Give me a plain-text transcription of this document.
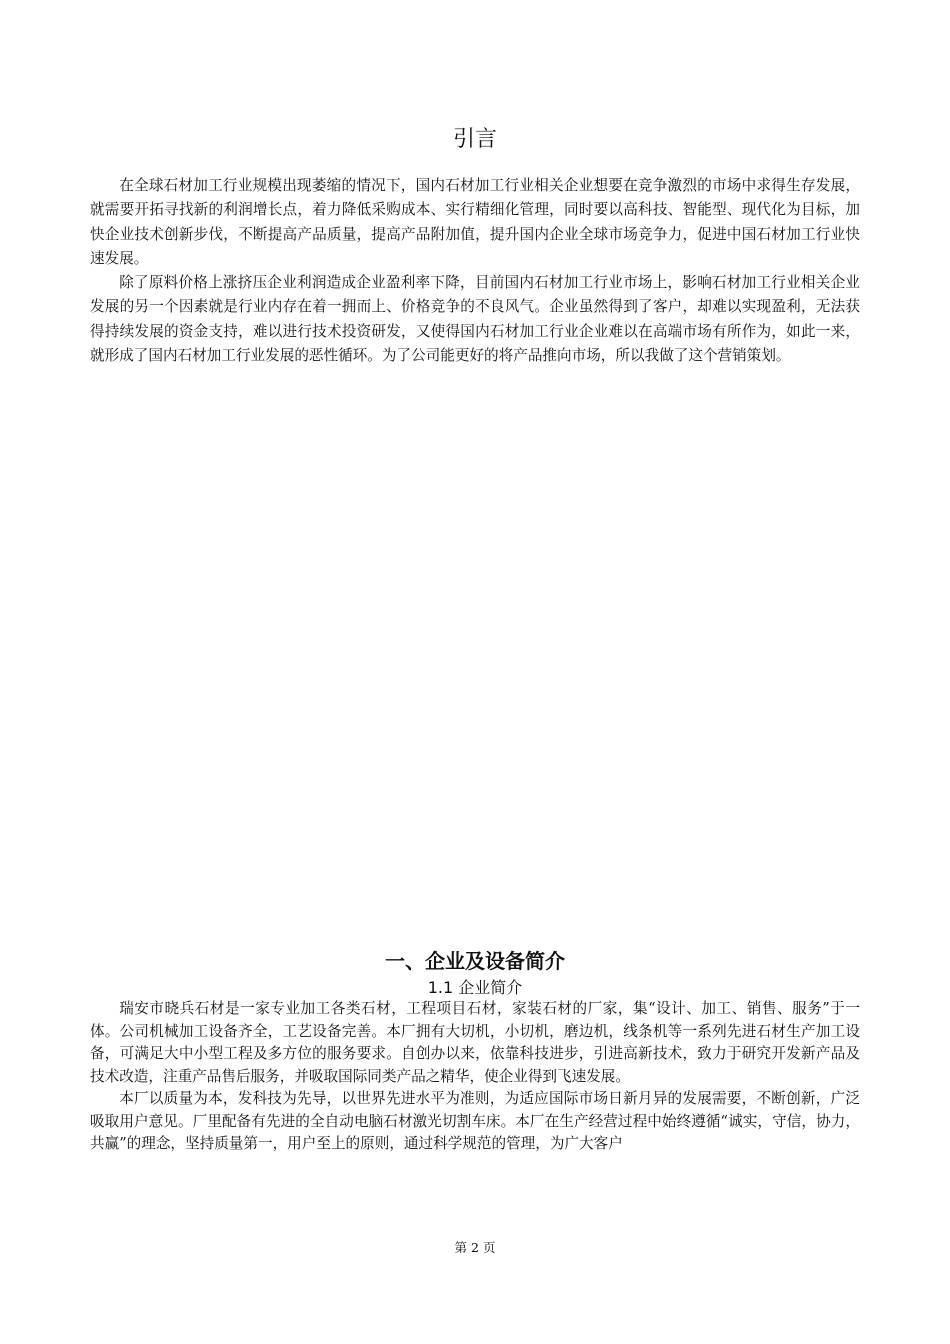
引言

在全球石材加工行业规模出现萎缩的情况下，国内石材加工行业相关企业想要在竞争激烈的市场中求得生存发展，就需要开拓寻找新的利润增长点，着力降低采购成本、实行精细化管理，同时要以高科技、智能型、现代化为目标，加快企业技术创新步伐，不断提高产品质量，提高产品附加值，提升国内企业全球市场竞争力，促进中国石材加工行业快速发展。

除了原料价格上涨挤压企业利润造成企业盈利率下降，目前国内石材加工行业市场上，影响石材加工行业相关企业发展的另一个因素就是行业内存在着一拥而上、价格竞争的不良风气。企业虽然得到了客户，却难以实现盈利，无法获得持续发展的资金支持，难以进行技术投资研发，又使得国内石材加工行业企业难以在高端市场有所作为，如此一来，就形成了国内石材加工行业发展的恶性循环。为了公司能更好的将产品推向市场，所以我做了这个营销策划。

一、企业及设备简介
1.1 企业简介

瑞安市晓兵石材是一家专业加工各类石材，工程项目石材，家装石材的厂家，集“设计、加工、销售、服务”于一体。公司机械加工设备齐全，工艺设备完善。本厂拥有大切机，小切机，磨边机，线条机等一系列先进石材生产加工设备，可满足大中小型工程及多方位的服务要求。自创办以来，依靠科技进步，引进高新技术，致力于研究开发新产品及技术改造，注重产品售后服务，并吸取国际同类产品之精华，使企业得到飞速发展。

本厂以质量为本，发科技为先导，以世界先进水平为准则，为适应国际市场日新月异的发展需要，不断创新，广泛吸取用户意见。厂里配备有先进的全自动电脑石材激光切割车床。本厂在生产经营过程中始终遵循“诚实，守信，协力，共赢”的理念，坚持质量第一，用户至上的原则，通过科学规范的管理，为广大客户

第 2 页
